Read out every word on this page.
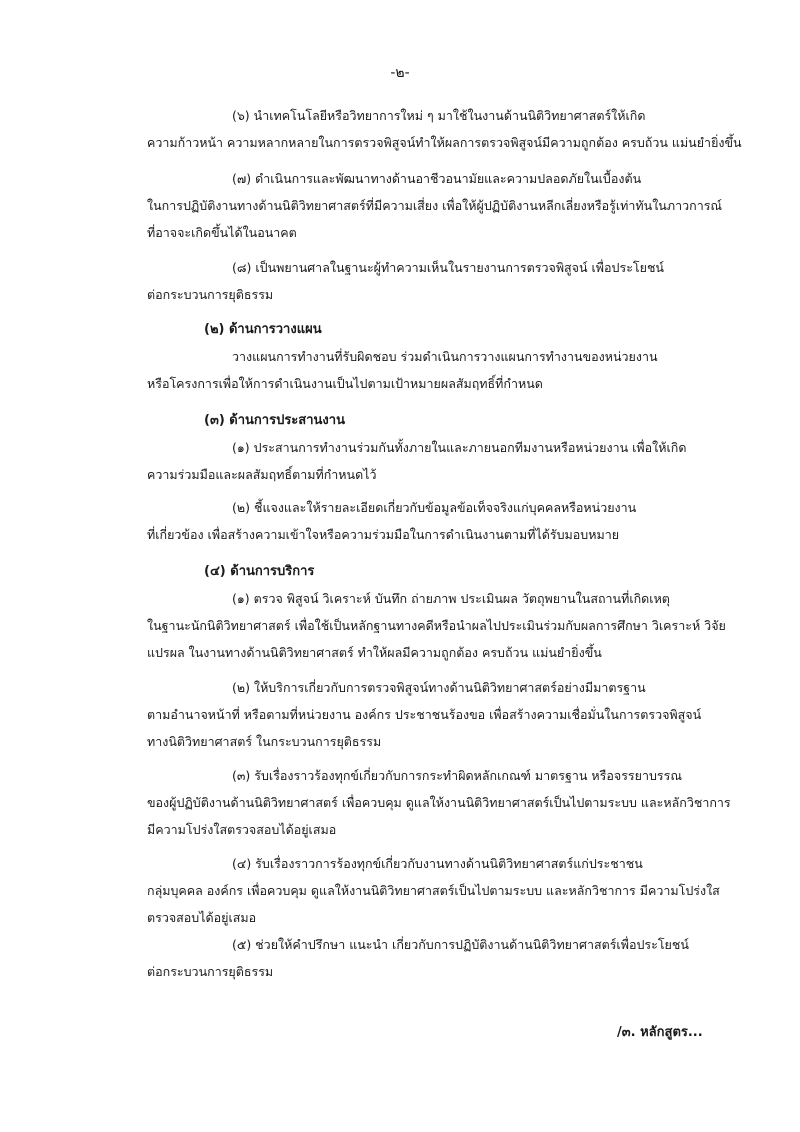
-๒-
(๖) นำเทคโนโลยีหรือวิทยาการใหม่ ๆ มาใช้ในงานด้านนิติวิทยาศาสตร์ให้เกิด
ความก้าวหน้า ความหลากหลายในการตรวจพิสูจน์ทำให้ผลการตรวจพิสูจน์มีความถูกต้อง ครบถ้วน แม่นยำยิ่งขึ้น
(๗) ดำเนินการและพัฒนาทางด้านอาชีวอนามัยและความปลอดภัยในเบื้องต้น
ในการปฏิบัติงานทางด้านนิติวิทยาศาสตร์ที่มีความเสี่ยง เพื่อให้ผู้ปฏิบัติงานหลีกเลี่ยงหรือรู้เท่าทันในภาวการณ์
ที่อาจจะเกิดขึ้นได้ในอนาคต
(๘) เป็นพยานศาลในฐานะผู้ทำความเห็นในรายงานการตรวจพิสูจน์ เพื่อประโยชน์
ต่อกระบวนการยุติธรรม
(๒) ด้านการวางแผน
วางแผนการทำงานที่รับผิดชอบ ร่วมดำเนินการวางแผนการทำงานของหน่วยงาน
หรือโครงการเพื่อให้การดำเนินงานเป็นไปตามเป้าหมายผลสัมฤทธิ์ที่กำหนด
(๓) ด้านการประสานงาน
(๑) ประสานการทำงานร่วมกันทั้งภายในและภายนอกทีมงานหรือหน่วยงาน เพื่อให้เกิด
ความร่วมมือและผลสัมฤทธิ์ตามที่กำหนดไว้
(๒) ชี้แจงและให้รายละเอียดเกี่ยวกับข้อมูลข้อเท็จจริงแก่บุคคลหรือหน่วยงาน
ที่เกี่ยวข้อง เพื่อสร้างความเข้าใจหรือความร่วมมือในการดำเนินงานตามที่ได้รับมอบหมาย
(๔) ด้านการบริการ
(๑) ตรวจ พิสูจน์ วิเคราะห์ บันทึก ถ่ายภาพ ประเมินผล วัตถุพยานในสถานที่เกิดเหตุ
ในฐานะนักนิติวิทยาศาสตร์ เพื่อใช้เป็นหลักฐานทางคดีหรือนำผลไปประเมินร่วมกับผลการศึกษา วิเคราะห์ วิจัย
แปรผล ในงานทางด้านนิติวิทยาศาสตร์ ทำให้ผลมีความถูกต้อง ครบถ้วน แม่นยำยิ่งขึ้น
(๒) ให้บริการเกี่ยวกับการตรวจพิสูจน์ทางด้านนิติวิทยาศาสตร์อย่างมีมาตรฐาน
ตามอำนาจหน้าที่ หรือตามที่หน่วยงาน องค์กร ประชาชนร้องขอ เพื่อสร้างความเชื่อมั่นในการตรวจพิสูจน์
ทางนิติวิทยาศาสตร์ ในกระบวนการยุติธรรม
(๓) รับเรื่องราวร้องทุกข์เกี่ยวกับการกระทำผิดหลักเกณฑ์ มาตรฐาน หรือจรรยาบรรณ
ของผู้ปฏิบัติงานด้านนิติวิทยาศาสตร์ เพื่อควบคุม ดูแลให้งานนิติวิทยาศาสตร์เป็นไปตามระบบ และหลักวิชาการ
มีความโปร่งใสตรวจสอบได้อยู่เสมอ
(๔) รับเรื่องราวการร้องทุกข์เกี่ยวกับงานทางด้านนิติวิทยาศาสตร์แก่ประชาชน
กลุ่มบุคคล องค์กร เพื่อควบคุม ดูแลให้งานนิติวิทยาศาสตร์เป็นไปตามระบบ และหลักวิชาการ มีความโปร่งใส
ตรวจสอบได้อยู่เสมอ
(๕) ช่วยให้คำปรึกษา แนะนำ เกี่ยวกับการปฏิบัติงานด้านนิติวิทยาศาสตร์เพื่อประโยชน์
ต่อกระบวนการยุติธรรม
/๓. หลักสูตร...
